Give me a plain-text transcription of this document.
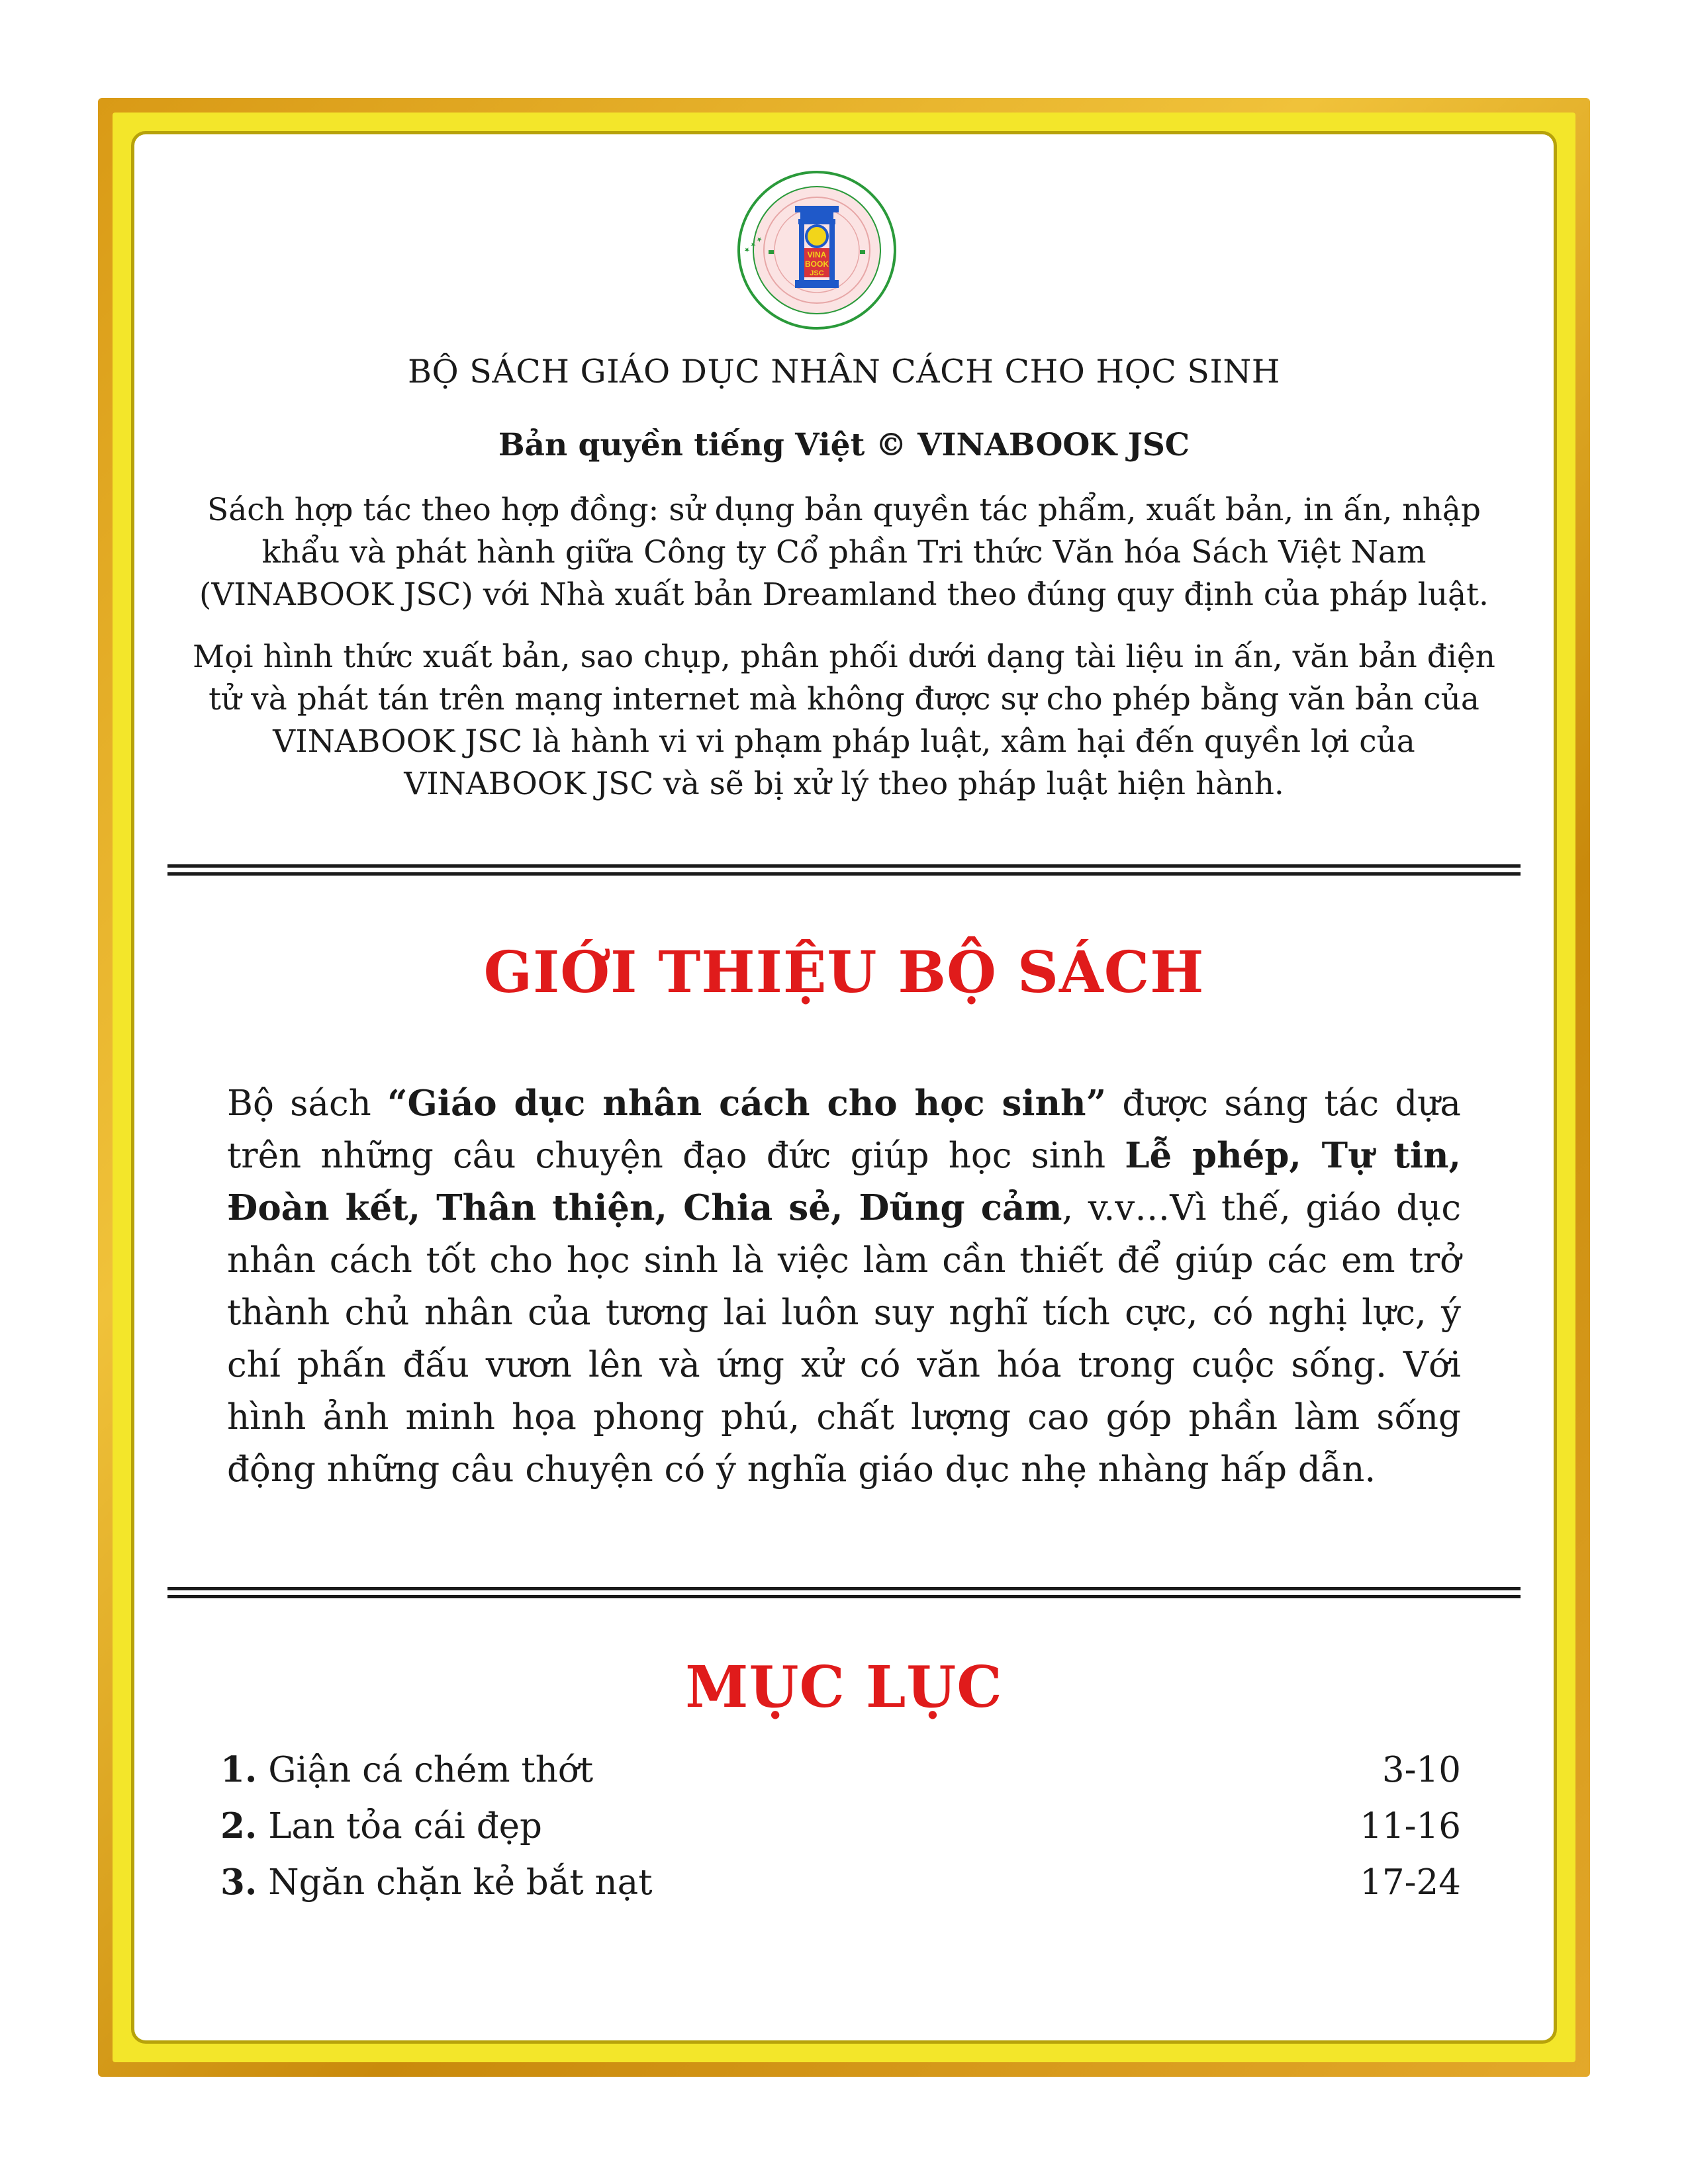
★ ★ ★	VINA
BOOK
JSC
BỘ SÁCH GIÁO DỤC NHÂN CÁCH CHO HỌC SINH
Bản quyền tiếng Việt © VINABOOK JSC
Sách hợp tác theo hợp đồng: sử dụng bản quyền tác phẩm, xuất bản, in ấn, nhập khẩu và phát hành giữa Công ty Cổ phần Tri thức Văn hóa Sách Việt Nam (VINABOOK JSC) với Nhà xuất bản Dreamland theo đúng quy định của pháp luật.
Mọi hình thức xuất bản, sao chụp, phân phối dưới dạng tài liệu in ấn, văn bản điện tử và phát tán trên mạng internet mà không được sự cho phép bằng văn bản của VINABOOK JSC là hành vi vi phạm pháp luật, xâm hại đến quyền lợi của VINABOOK JSC và sẽ bị xử lý theo pháp luật hiện hành.
GIỚI THIỆU BỘ SÁCH
Bộ sách “Giáo dục nhân cách cho học sinh” được sáng tác dựa trên những câu chuyện đạo đức giúp học sinh Lễ phép, Tự tin, Đoàn kết, Thân thiện, Chia sẻ, Dũng cảm, v.v…Vì thế, giáo dục nhân cách tốt cho học sinh là việc làm cần thiết để giúp các em trở thành chủ nhân của tương lai luôn suy nghĩ tích cực, có nghị lực, ý chí phấn đấu vươn lên và ứng xử có văn hóa trong cuộc sống. Với hình ảnh minh họa phong phú, chất lượng cao góp phần làm sống động những câu chuyện có ý nghĩa giáo dục nhẹ nhàng hấp dẫn.
MỤC LỤC
1. Giận cá chém thớt	3-10
2. Lan tỏa cái đẹp	11-16
3. Ngăn chặn kẻ bắt nạt	17-24
